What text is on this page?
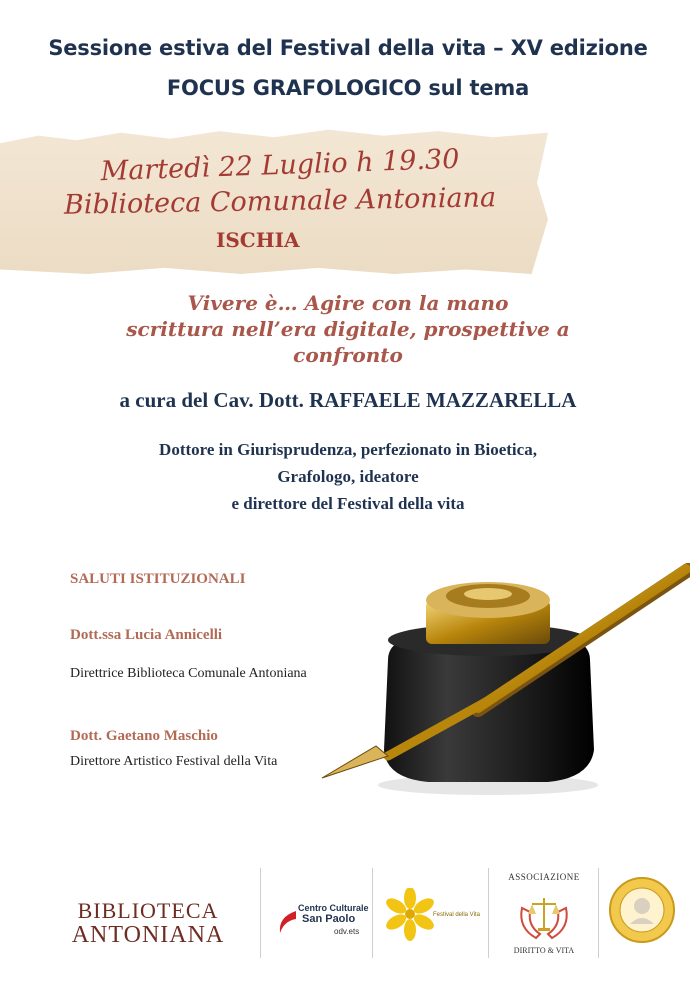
Sessione estiva del Festival della vita – XV edizione
FOCUS GRAFOLOGICO sul tema
Martedì 22 Luglio h 19.30
Biblioteca Comunale Antoniana
ISCHIA
Vivere è… Agire con la mano
scrittura nell’era digitale, prospettive a
confronto
a cura del Cav. Dott. RAFFAELE MAZZARELLA
Dottore in Giurisprudenza, perfezionato in Bioetica,
Grafologo, ideatore
e direttore del Festival della vita
SALUTI ISTITUZIONALI
Dott.ssa Lucia Annicelli
Direttrice Biblioteca Comunale Antoniana
Dott. Gaetano Maschio
Direttore Artistico Festival della Vita
BIBLIOTECA
ANTONIANA
Centro Culturale
San Paolo
odv.ets
Festival della Vita
ASSOCIAZIONE
DIRITTO & VITA
